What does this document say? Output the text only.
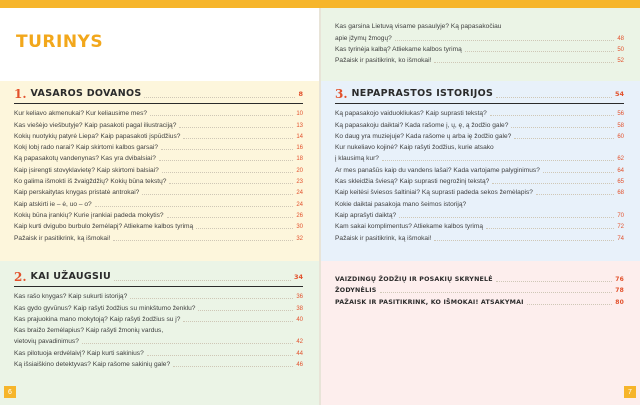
TURINYS
1. VASAROS DOVANOS	8
Kur keliavo akmenukai? Kur keliausime mes?	10
Kas viešėjo viešbutyje? Kaip pasakoti pagal iliustraciją?	13
Kokių nuotykių patyrė Liepa? Kaip papasakoti įspūdžius?	14
Kokį lobį rado narai? Kaip skirtomi kalbos garsai?	16
Ką papasakotų vandenynas? Kas yra dvibalsiai?	18
Kaip įsirengti stovyklavietę? Kaip skirtomi balsiai?	20
Ko galima išmokti iš žvaigždžių? Kokių būna tekstų?	23
Kaip perskaitytas knygas pristatė antrokai?	24
Kaip atskirti ie – ė, uo – o?	24
Kokių būna įrankių? Kurie įrankiai padeda mokytis?	26
Kaip kurti dvigubo burbulo žemėlapį? Atliekame kalbos tyrimą	30
Pažaisk ir pasitikrink, ką išmokai!	32
2. KAI UŽAUGSIU	34
Kas rašo knygas? Kaip sukurti istoriją?	36
Kas gydo gyvūnus? Kaip rašyti žodžius su minkštumo ženklu?	38
Kas prajuokina mano mokytoją? Kaip rašyti žodžius su j?	40
Kas braižo žemėlapius? Kaip rašyti žmonių vardus,
vietovių pavadinimus?	42
Kas pilotuoja erdvėlaivį? Kaip kurti sakinius?	44
Ką išsiaiškino detektyvas? Kaip rašome sakinių gale?	46
6
Kas garsina Lietuvą visame pasaulyje? Ką papasakočiau
apie įžymų žmogų?	48
Kas tyrinėja kalbą? Atliekame kalbos tyrimą	50
Pažaisk ir pasitikrink, ko išmokai!	52
3. NEPAPRASTOS ISTORIJOS	54
Ką papasakojo vaiduokliukas? Kaip suprasti tekstą?	56
Ką papasakoju daiktai? Kada rašome į, ų, ę, ą žodžio gale?	58
Ko daug yra muziejuje? Kada rašome ų arba ię žodžio gale?	60
Kur nukeliavo kojinė? Kaip rašyti žodžius, kurie atsako
į klausimą kur?	62
Ar mes panašūs kaip du vandens lašai? Kada vartojame palyginimus?	64
Kas skleidžia šviesą? Kaip suprasti negrožinį tekstą?	65
Kaip keitėsi šviesos šaltiniai? Ką suprasti padeda sekos žemėlapis?	68
Kokie daiktai pasakoja mano šeimos istoriją?
Kaip aprašyti daiktą?	70
Kam sakai komplimentus? Atliekame kalbos tyrimą	72
Pažaisk ir pasitikrink, ką išmokai!	74
VAIZDINGŲ ŽODŽIŲ IR POSAKIŲ SKRYNELĖ	76
ŽODYNĖLIS	78
PAŽAISK IR PASITIKRINK, KO IŠMOKAI! ATSAKYMAI	80
7
